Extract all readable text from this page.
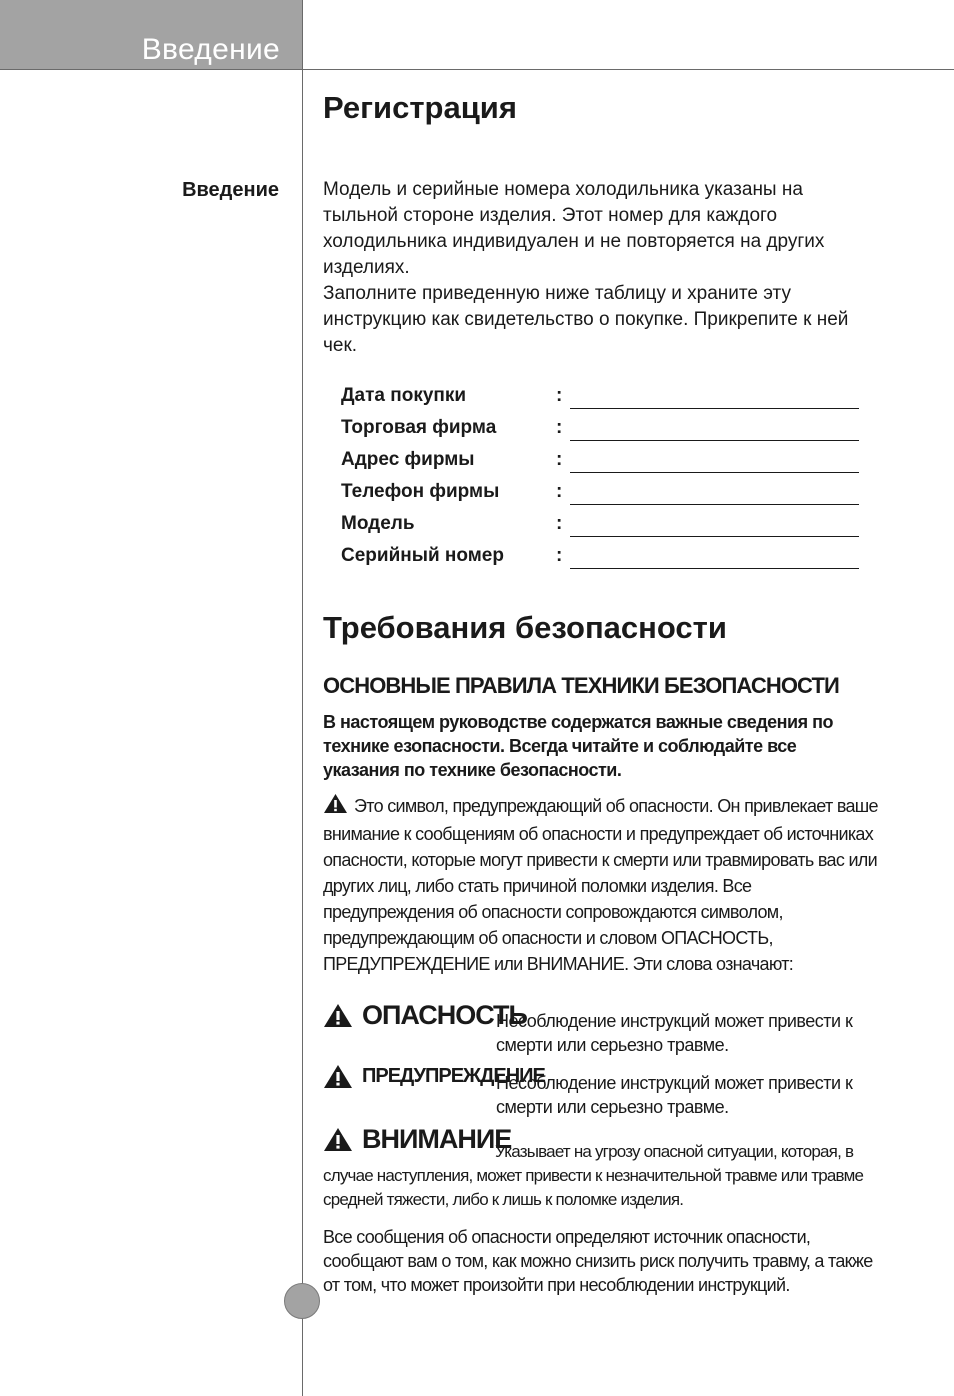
Введение
Регистрация
Введение Модель и серийные номера холодильника указаны на тыльной стороне изделия. Этот номер для каждого холодильника индивидуален и не повторяется на других изделиях.

Заполните приведенную ниже таблицу и храните эту инструкцию как свидетельство о покупке. Прикрепите к ней чек.

Дата покупки	:
Торговая фирма	:
Адрес фирмы	:
Телефон фирмы	:
Модель	:
Серийный номер	:
Требования безопасности
ОСНОВНЫЕ ПРАВИЛА ТЕХНИКИ БЕЗОПАСНОСТИ
В настоящем руководстве содержатся важные сведения по технике езопасности. Всегда читайте и соблюдайте все указания по технике безопасности.
Это символ, предупреждающий об опасности. Он привлекает ваше внимание к сообщениям об опасности и предупреждает об источниках опасности, которые могут привести к смерти или травмировать вас или других лиц, либо стать причиной поломки изделия. Все предупреждения об опасности сопровождаются символом, предупреждающим об опасности и словом ОПАСНОСТЬ, ПРЕДУПРЕЖДЕНИЕ или ВНИМАНИЕ. Эти слова означают:
ОПАСНОСТЬ
Несоблюдение инструкций может привести к смерти или серьезно травме.
ПРЕДУПРЕЖДЕНИЕ
Несоблюдение инструкций может привести к смерти или серьезно травме.
ВНИМАНИЕ
Указывает на угрозу опасной ситуации, которая, в случае наступления, может привести к незначительной травме или травме средней тяжести, либо к лишь к поломке изделия.
Все сообщения об опасности определяют источник опасности, сообщают вам о том, как можно снизить риск получить травму, а также от том, что может произойти при несоблюдении инструкций.
